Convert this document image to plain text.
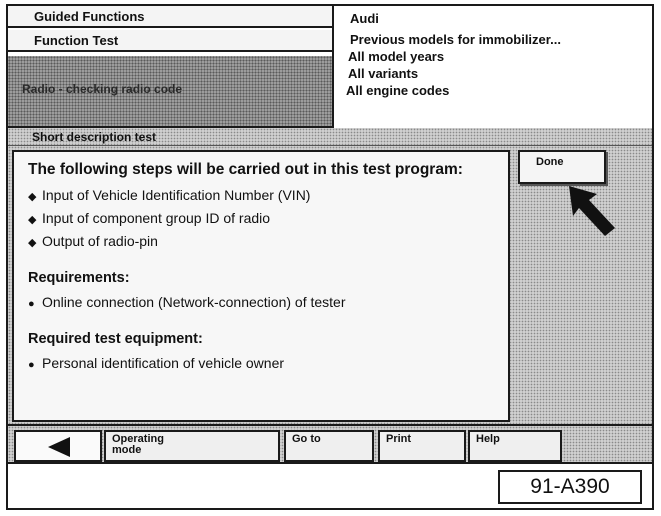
Guided Functions
Function Test
Radio - checking radio code
Audi
Previous models for immobilizer...
All model years
All variants
All engine codes
Short description test
The following steps will be carried out in this test program:
◆ Input of Vehicle Identification Number (VIN)
◆ Input of component group ID of radio
◆ Output of radio-pin
Requirements:
● Online connection (Network-connection) of tester
Required test equipment:
● Personal identification of vehicle owner
Done
Operating mode
Go to	Print	Help
91-A390
